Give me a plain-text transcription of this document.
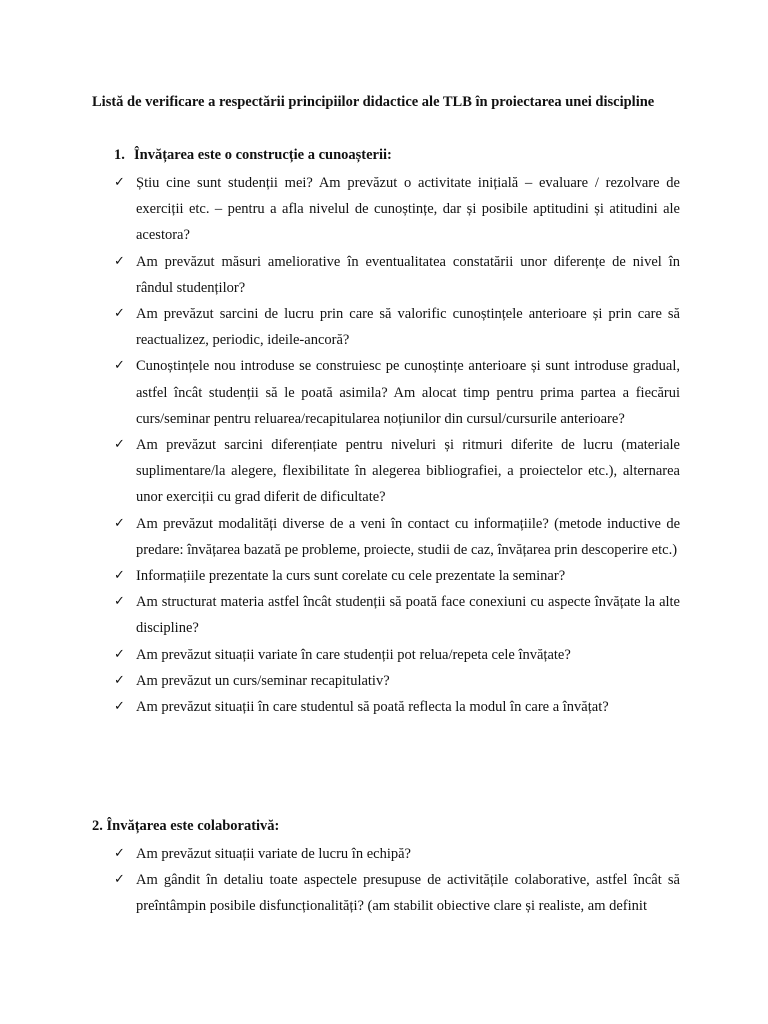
Listă de verificare a respectării principiilor didactice ale TLB în proiectarea unei discipline
1. Învățarea este o construcție a cunoașterii:
✓ Știu cine sunt studenții mei? Am prevăzut o activitate inițială – evaluare / rezolvare de exerciții etc. – pentru a afla nivelul de cunoștințe, dar și posibile aptitudini și atitudini ale acestora?
✓ Am prevăzut măsuri ameliorative în eventualitatea constatării unor diferențe de nivel în rândul studenților?
✓ Am prevăzut sarcini de lucru prin care să valorific cunoștințele anterioare și prin care să reactualizez, periodic, ideile-ancoră?
✓ Cunoștințele nou introduse se construiesc pe cunoștințe anterioare și sunt introduse gradual, astfel încât studenții să le poată asimila? Am alocat timp pentru prima partea a fiecărui curs/seminar pentru reluarea/recapitularea noțiunilor din cursul/cursurile anterioare?
✓ Am prevăzut sarcini diferențiate pentru niveluri și ritmuri diferite de lucru (materiale suplimentare/la alegere, flexibilitate în alegerea bibliografiei, a proiectelor etc.), alternarea unor exerciții cu grad diferit de dificultate?
✓ Am prevăzut modalități diverse de a veni în contact cu informațiile? (metode inductive de predare: învățarea bazată pe probleme, proiecte, studii de caz, învățarea prin descoperire etc.)
✓ Informațiile prezentate la curs sunt corelate cu cele prezentate la seminar?
✓ Am structurat materia astfel încât studenții să poată face conexiuni cu aspecte învățate la alte discipline?
✓ Am prevăzut situații variate în care studenții pot relua/repeta cele învățate?
✓ Am prevăzut un curs/seminar recapitulativ?
✓ Am prevăzut situații în care studentul să poată reflecta la modul în care a învățat?
2. Învățarea este colaborativă:
✓ Am prevăzut situații variate de lucru în echipă?
✓ Am gândit în detaliu toate aspectele presupuse de activitățile colaborative, astfel încât să preîntâmpin posibile disfuncționalități? (am stabilit obiective clare și realiste, am definit
